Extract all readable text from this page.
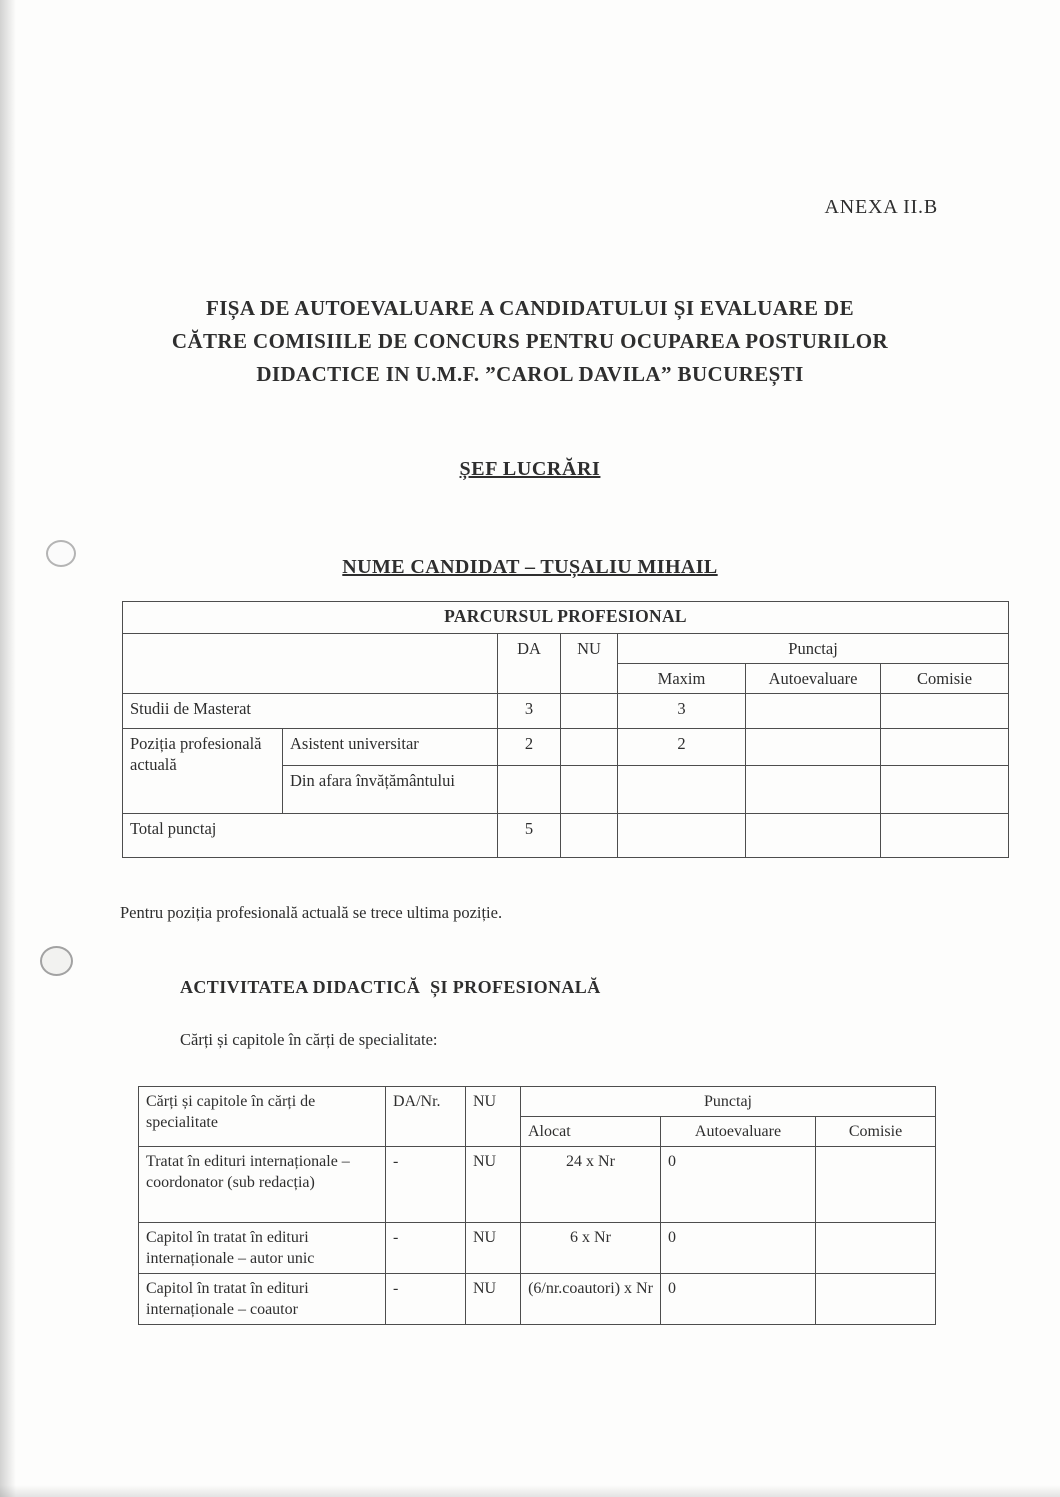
ANEXA II.B
FIȘA DE AUTOEVALUARE A CANDIDATULUI ȘI EVALUARE DE
CĂTRE COMISIILE DE CONCURS PENTRU OCUPAREA POSTURILOR
DIDACTICE IN U.M.F. ”CAROL DAVILA” BUCUREȘTI
ȘEF LUCRĂRI
NUME CANDIDAT – TUȘALIU MIHAIL
PARCURSUL PROFESIONAL						
		DA	NU	Punctaj		
				Maxim	Autoevaluare	Comisie
Studii de Masterat		3		3		
Poziția profesională actuală	Asistent universitar	2		2		
	Din afara învățământului					
Total punctaj		5				
Pentru poziția profesională actuală se trece ultima poziție.
ACTIVITATEA DIDACTICĂ  ȘI PROFESIONALĂ
Cărți și capitole în cărți de specialitate:
Cărți și capitole în cărți de specialitate	DA/Nr.	NU	Punctaj		
			Alocat	Autoevaluare	Comisie
Tratat în edituri internaționale – coordonator (sub redacția)	-	NU	24 x Nr	0	
Capitol în tratat în edituri internaționale – autor unic	-	NU	6 x Nr	0	
Capitol în tratat în edituri internaționale – coautor	-	NU	(6/nr.coautori) x Nr	0	
